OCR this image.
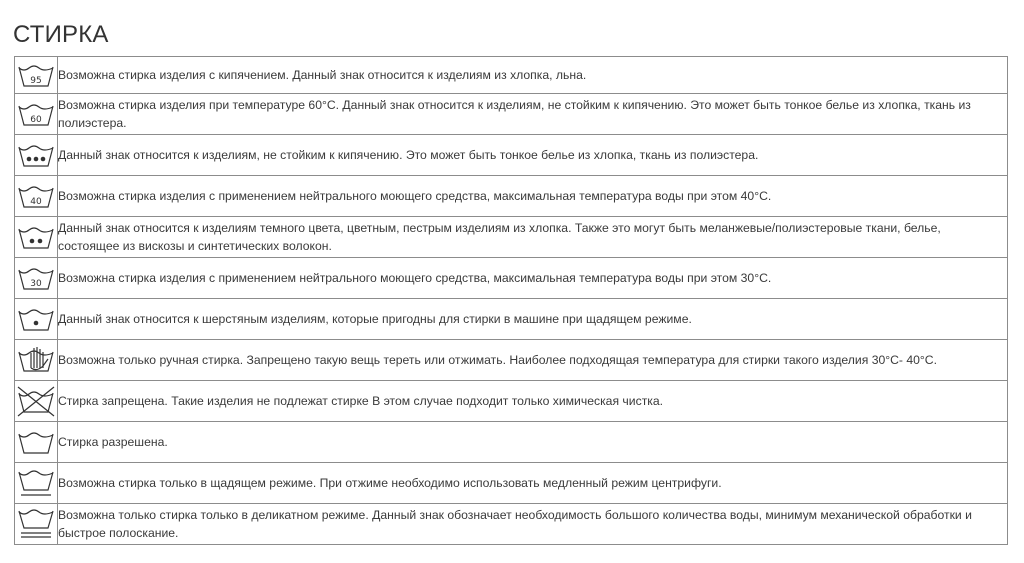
СТИРКА
95	Возможна стирка изделия с кипячением. Данный знак относится к изделиям из хлопка, льна.

60	Возможна стирка изделия при температуре 60°С. Данный знак относится к изделиям, не стойким к кипячению. Это может быть тонкое белье из хлопка, ткань из полиэстера.

	Данный знак относится к изделиям, не стойким к кипячению. Это может быть тонкое белье из хлопка, ткань из полиэстера.

40	Возможна стирка изделия с применением нейтрального моющего средства, максимальная температура воды при этом 40°С.

	Данный знак относится к изделиям темного цвета, цветным, пестрым изделиям из хлопка. Также это могут быть меланжевые/полиэстеровые ткани, белье, состоящее из вискозы и синтетических волокон.

30	Возможна стирка изделия с применением нейтрального моющего средства, максимальная температура воды при этом 30°С.

	Данный знак относится к шерстяным изделиям, которые пригодны для стирки в машине при щадящем режиме.

	Возможна только ручная стирка. Запрещено такую вещь тереть или отжимать. Наиболее подходящая температура для стирки такого изделия 30°С- 40°С.

	Стирка запрещена. Такие изделия не подлежат стирке В этом случае подходит только химическая чистка.

	Стирка разрешена.

	Возможна стирка только в щадящем режиме. При отжиме необходимо использовать медленный режим центрифуги.

	Возможна только стирка только в деликатном режиме. Данный знак обозначает необходимость большого количества воды, минимум механической обработки и быстрое полоскание.
